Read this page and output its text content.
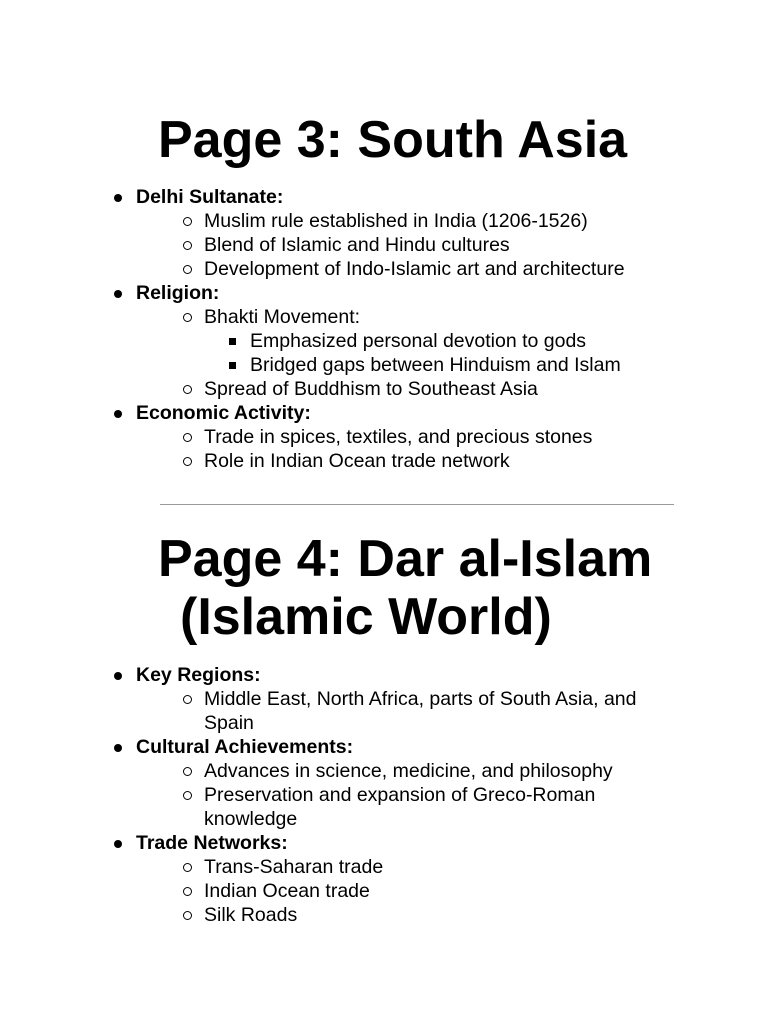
Page 3: South Asia
Delhi Sultanate:
Muslim rule established in India (1206-1526)
Blend of Islamic and Hindu cultures
Development of Indo-Islamic art and architecture
Religion:
Bhakti Movement:
Emphasized personal devotion to gods
Bridged gaps between Hinduism and Islam
Spread of Buddhism to Southeast Asia
Economic Activity:
Trade in spices, textiles, and precious stones
Role in Indian Ocean trade network
Page 4: Dar al-Islam
(Islamic World)
Key Regions:
Middle East, North Africa, parts of South Asia, and Spain
Cultural Achievements:
Advances in science, medicine, and philosophy
Preservation and expansion of Greco-Roman knowledge
Trade Networks:
Trans-Saharan trade
Indian Ocean trade
Silk Roads
